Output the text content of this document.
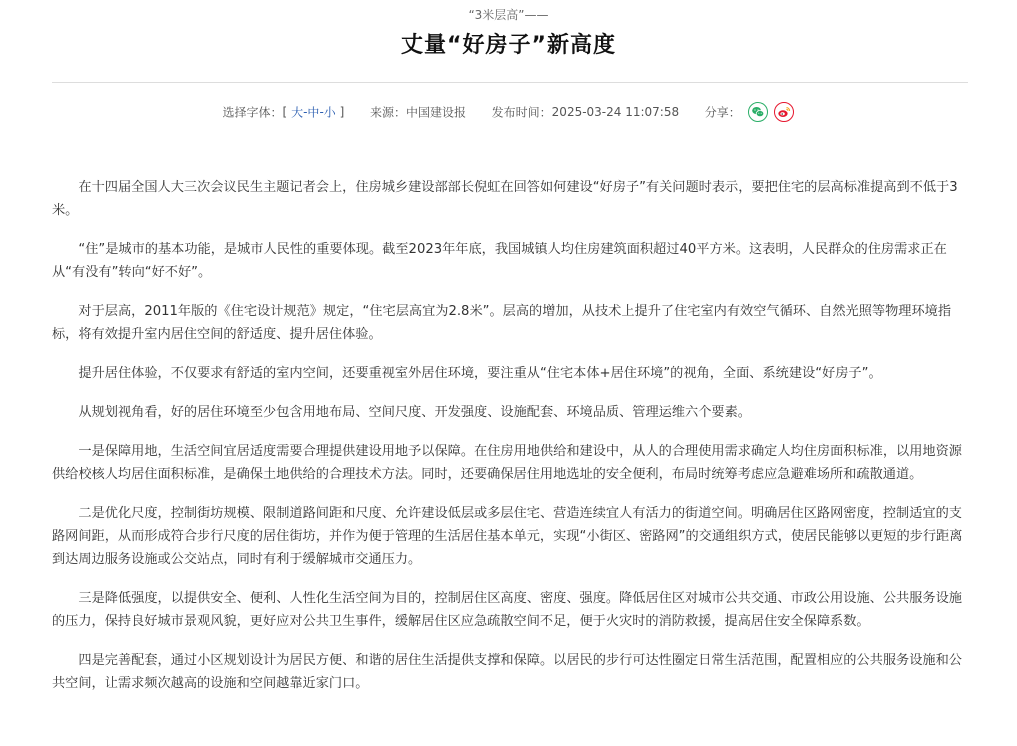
“3米层高”——
丈量“好房子”新高度
选择字体：[ 大-中-小 ] 来源：中国建设报 发布时间：2025-03-24 11:07:58 分享：

在十四届全国人大三次会议民生主题记者会上，住房城乡建设部部长倪虹在回答如何建设“好房子”有关问题时表示，要把住宅的层高标准提高到不低于3米。

“住”是城市的基本功能，是城市人民性的重要体现。截至2023年年底，我国城镇人均住房建筑面积超过40平方米。这表明，人民群众的住房需求正在从“有没有”转向“好不好”。

对于层高，2011年版的《住宅设计规范》规定，“住宅层高宜为2.8米”。层高的增加，从技术上提升了住宅室内有效空气循环、自然光照等物理环境指标，将有效提升室内居住空间的舒适度、提升居住体验。

提升居住体验，不仅要求有舒适的室内空间，还要重视室外居住环境，要注重从“住宅本体+居住环境”的视角，全面、系统建设“好房子”。

从规划视角看，好的居住环境至少包含用地布局、空间尺度、开发强度、设施配套、环境品质、管理运维六个要素。

一是保障用地，生活空间宜居适度需要合理提供建设用地予以保障。在住房用地供给和建设中，从人的合理使用需求确定人均住房面积标准，以用地资源供给校核人均居住面积标准，是确保土地供给的合理技术方法。同时，还要确保居住用地选址的安全便利，布局时统筹考虑应急避难场所和疏散通道。

二是优化尺度，控制街坊规模、限制道路间距和尺度、允许建设低层或多层住宅、营造连续宜人有活力的街道空间。明确居住区路网密度，控制适宜的支路网间距，从而形成符合步行尺度的居住街坊，并作为便于管理的生活居住基本单元，实现“小街区、密路网”的交通组织方式，使居民能够以更短的步行距离到达周边服务设施或公交站点，同时有利于缓解城市交通压力。

三是降低强度，以提供安全、便利、人性化生活空间为目的，控制居住区高度、密度、强度。降低居住区对城市公共交通、市政公用设施、公共服务设施的压力，保持良好城市景观风貌，更好应对公共卫生事件，缓解居住区应急疏散空间不足，便于火灾时的消防救援，提高居住安全保障系数。

四是完善配套，通过小区规划设计为居民方便、和谐的居住生活提供支撑和保障。以居民的步行可达性圈定日常生活范围，配置相应的公共服务设施和公共空间，让需求频次越高的设施和空间越靠近家门口。
